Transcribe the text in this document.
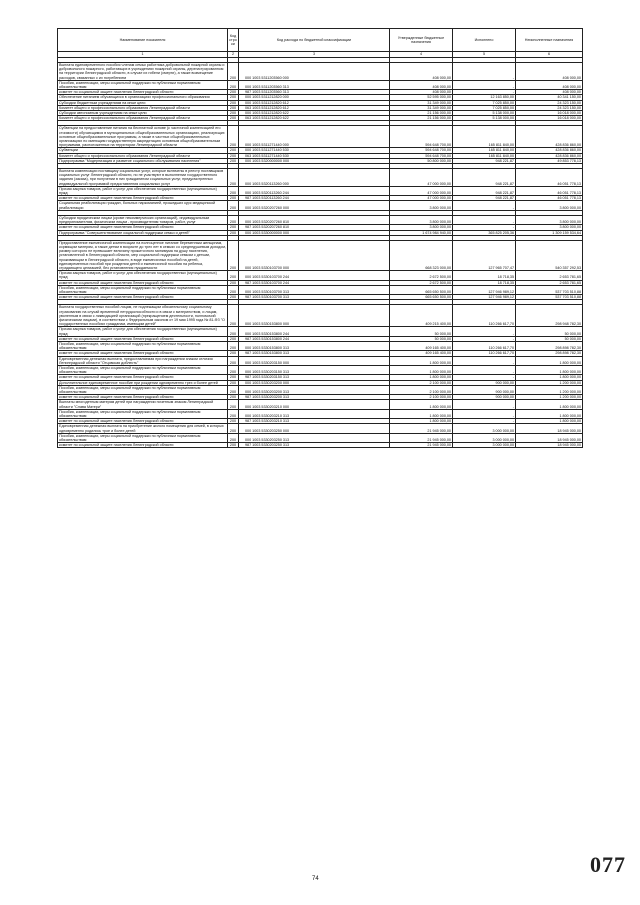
Наименование показателя	Код стро ки	Код расхода по бюджетной классификации	Утвержденные бюджетные назначения	Исполнено	Неисполненные назначения
1	2	3	4	5	6

Выплата единовременного пособия членам семьи работника добровольной пожарной охраны и добровольного пожарного, работающих в учреждениях пожарной охраны, дерегистрированном на территории Ленинградской области, в случае их гибели (смерти), а также возмещение расходов, связанных с их погребением	200	000 1003 5311203560 000	408 000,00	-	408 000,00
Пособия, компенсации, меры социальной поддержки по публичным нормативным обязательствам	200	000 1003 5311203560 313	408 000,00	-	408 000,00
комитет по социальной защите населения Ленинградской области	200	987 1003 5311203560 313	408 000,00	-	408 000,00
Обеспечение питанием обучающихся в организациях профессионального образования	200	000 1003 5311212820 000	52 595 000,00	12 163 850,00	40 341 150,00
Субсидии бюджетным учреждениям на иные цели	200	000 1003 5311212820 612	31 349 000,00	7 025 850,00	24 323 150,00
Комитет общего и профессионального образования Ленинградской области	200	063 1003 5311212820 612	31 349 000,00	7 025 850,00	24 323 150,00
Субсидии автономным учреждениям на иные цели	200	000 1003 5311212820 622	21 156 000,00	5 138 000,00	16 018 000,00
Комитет общего и профессионального образования Ленинградской области	200	063 1003 5311212820 622	21 156 000,00	5 138 000,00	16 018 000,00

Субвенции на предоставление питания на бесплатной основе (с частичной компенсацией его стоимости) обучающимся в муниципальных общеобразовательных организациях, реализующих основные общеобразовательные программы, а также в частных общеобразовательных организациях по имеющим государственную аккредитацию основным общеобразовательным программам, расположенных на территории Ленинградской области	200	000 1003 5311271440 000	594 648 700,00	165 811 840,00	428 836 860,00
Субвенции	200	000 1003 5311271440 530	594 648 700,00	165 811 840,00	428 836 860,00
Комитет общего и профессионального образования Ленинградской области	200	063 1003 5311271440 530	594 648 700,00	165 811 840,00	428 836 860,00
Подпрограмма "Модернизация и развитие социального обслуживания населения"	200	000 1003 5320000000 000	50 800 000,00	948 221,87	49 853 778,13

Выплата компенсации поставщику социальных услуг, которые включены в реестр поставщиков социальных услуг Ленинградской области, но не участвуют в выполнении государственного задания (заказа), при получении в них гражданином социальных услуг, предусмотренных индивидуальной программой предоставления социальных услуг	200	000 1003 5320113260 000	47 000 000,00	948 221,87	46 051 778,13
Прочая закупка товаров, работ и услуг для обеспечения государственных (муниципальных) нужд	200	000 1003 5320113260 244	47 000 000,00	948 221,87	46 051 778,13
комитет по социальной защите населения Ленинградской области	200	987 1003 5320113260 244	47 000 000,00	948 221,87	46 051 778,13
Социальная реабилитация граждан, больных наркоманией, прошедших курс медицинской реабилитации	200	000 1003 5320207260 000	3 800 000,00	-	3 800 000,00

Субсидии юридическим лицам (кроме некоммерческих организаций), индивидуальным предпринимателям, физическим лицам - производителям товаров, работ, услуг	200	000 1003 5320207260 810	3 800 000,00	-	3 800 000,00
комитет по социальной защите населения Ленинградской области	200	987 1003 5320207260 810	3 800 000,00	-	3 800 000,00
Подпрограмма "Совершенствование социальной поддержки семьи и детей"	200	000 1003 5330000000 000	1 674 984 940,00	365 825 205,36	1 309 159 534,64

Предоставление ежемесячной компенсации на полноценное питание беременным женщинам, кормящим матерям, а также детям в возрасте до трех лет в семьях со среднедушевым доходом, размер которого не превышает величину прожиточного минимума на душу населения, установленной в Ленинградской области, мер социальной поддержки семьям с детьми, проживающим в Ленинградской области, в виде ежемесячных пособий на детей, единовременных пособий при рождении детей и ежемесячной пособия на ребенка, страдающего целиакией, без установления нуждаемости	200	000 1003 5330103700 000	668 323 000,00	127 965 707,47	540 357 292,53
Прочая закупка товаров, работ и услуг для обеспечения государственных (муниципальных) нужд	200	000 1003 5330103700 244	2 672 500,00	18 718,35	2 653 781,65
комитет по социальной защите населения Ленинградской области	200	987 1003 5330103700 244	2 672 500,00	18 718,35	2 653 781,65
Пособия, компенсации, меры социальной поддержки по публичным нормативным обязательствам	200	000 1003 5330103700 313	665 650 500,00	127 946 989,12	537 703 510,88
комитет по социальной защите населения Ленинградской области	200	987 1003 5330103700 313	665 650 500,00	127 946 989,12	537 703 510,88

Выплата государственных пособий лицам, не подлежащим обязательному социальному страхованию на случай временной нетрудоспособности и в связи с материнством, и лицам, уволенным в связи с ликвидацией организаций (прекращением деятельности, полномочий физическими лицами), в соответствии с Федеральным законом от 19 мая 1995 года № 81-ФЗ "О государственных пособиях гражданам, имеющим детей"	200	000 1003 5330153800 000	409 215 400,00	110 266 617,70	298 948 782,30
Прочая закупка товаров, работ и услуг для обеспечения государственных (муниципальных) нужд	200	000 1003 5330153800 244	50 000,00	-	50 000,00
комитет по социальной защите населения Ленинградской области	200	987 1003 5330153800 244	50 000,00	-	50 000,00
Пособия, компенсации, меры социальной поддержки по публичным нормативным обязательствам	200	000 1003 5330153800 313	409 165 400,00	110 266 617,70	298 898 782,30
комитет по социальной защите населения Ленинградской области	200	987 1003 5330153800 313	409 165 400,00	110 266 617,70	298 898 782,30
Единовременная денежная выплата, предоставляемая при награждении знаком отличия Ленинградской области "Отцовская доблесть"	200	000 1003 5330203150 000	1 800 000,00	-	1 800 000,00
Пособия, компенсации, меры социальной поддержки по публичным нормативным обязательствам	200	000 1003 5330203150 313	1 800 000,00	-	1 800 000,00
комитет по социальной защите населения Ленинградской области	200	987 1003 5330203150 313	1 800 000,00	-	1 800 000,00
Дополнительное единовременное пособие при рождении одновременно трех и более детей	200	000 1003 5330203200 000	2 100 000,00	900 000,00	1 200 000,00
Пособия, компенсации, меры социальной поддержки по публичным нормативным обязательствам	200	000 1003 5330203200 313	2 100 000,00	900 000,00	1 200 000,00
комитет по социальной защите населения Ленинградской области	200	987 1003 5330203200 313	2 100 000,00	900 000,00	1 200 000,00
Выплаты многодетным матерям детей при награждении почетным знаком Ленинградской области "Слава Матери"	200	000 1003 5330203210 000	1 800 000,00	-	1 800 000,00
Пособия, компенсации, меры социальной поддержки по публичным нормативным обязательствам	200	000 1003 5330203210 313	1 800 000,00	-	1 800 000,00
комитет по социальной защите населения Ленинградской области	200	987 1003 5330203210 313	1 800 000,00	-	1 800 000,00
Единовременная денежная выплата на приобретение жилого помещения для семей, в которых одновременно родились трое и более детей	200	000 1003 5330203250 000	21 945 000,00	3 000 000,00	18 945 000,00
Пособия, компенсации, меры социальной поддержки по публичным нормативным обязательствам	200	000 1003 5330203250 313	21 945 000,00	3 000 000,00	18 945 000,00
комитет по социальной защите населения Ленинградской области	200	987 1003 5330203250 313	21 945 000,00	3 000 000,00	18 945 000,00
74
077
